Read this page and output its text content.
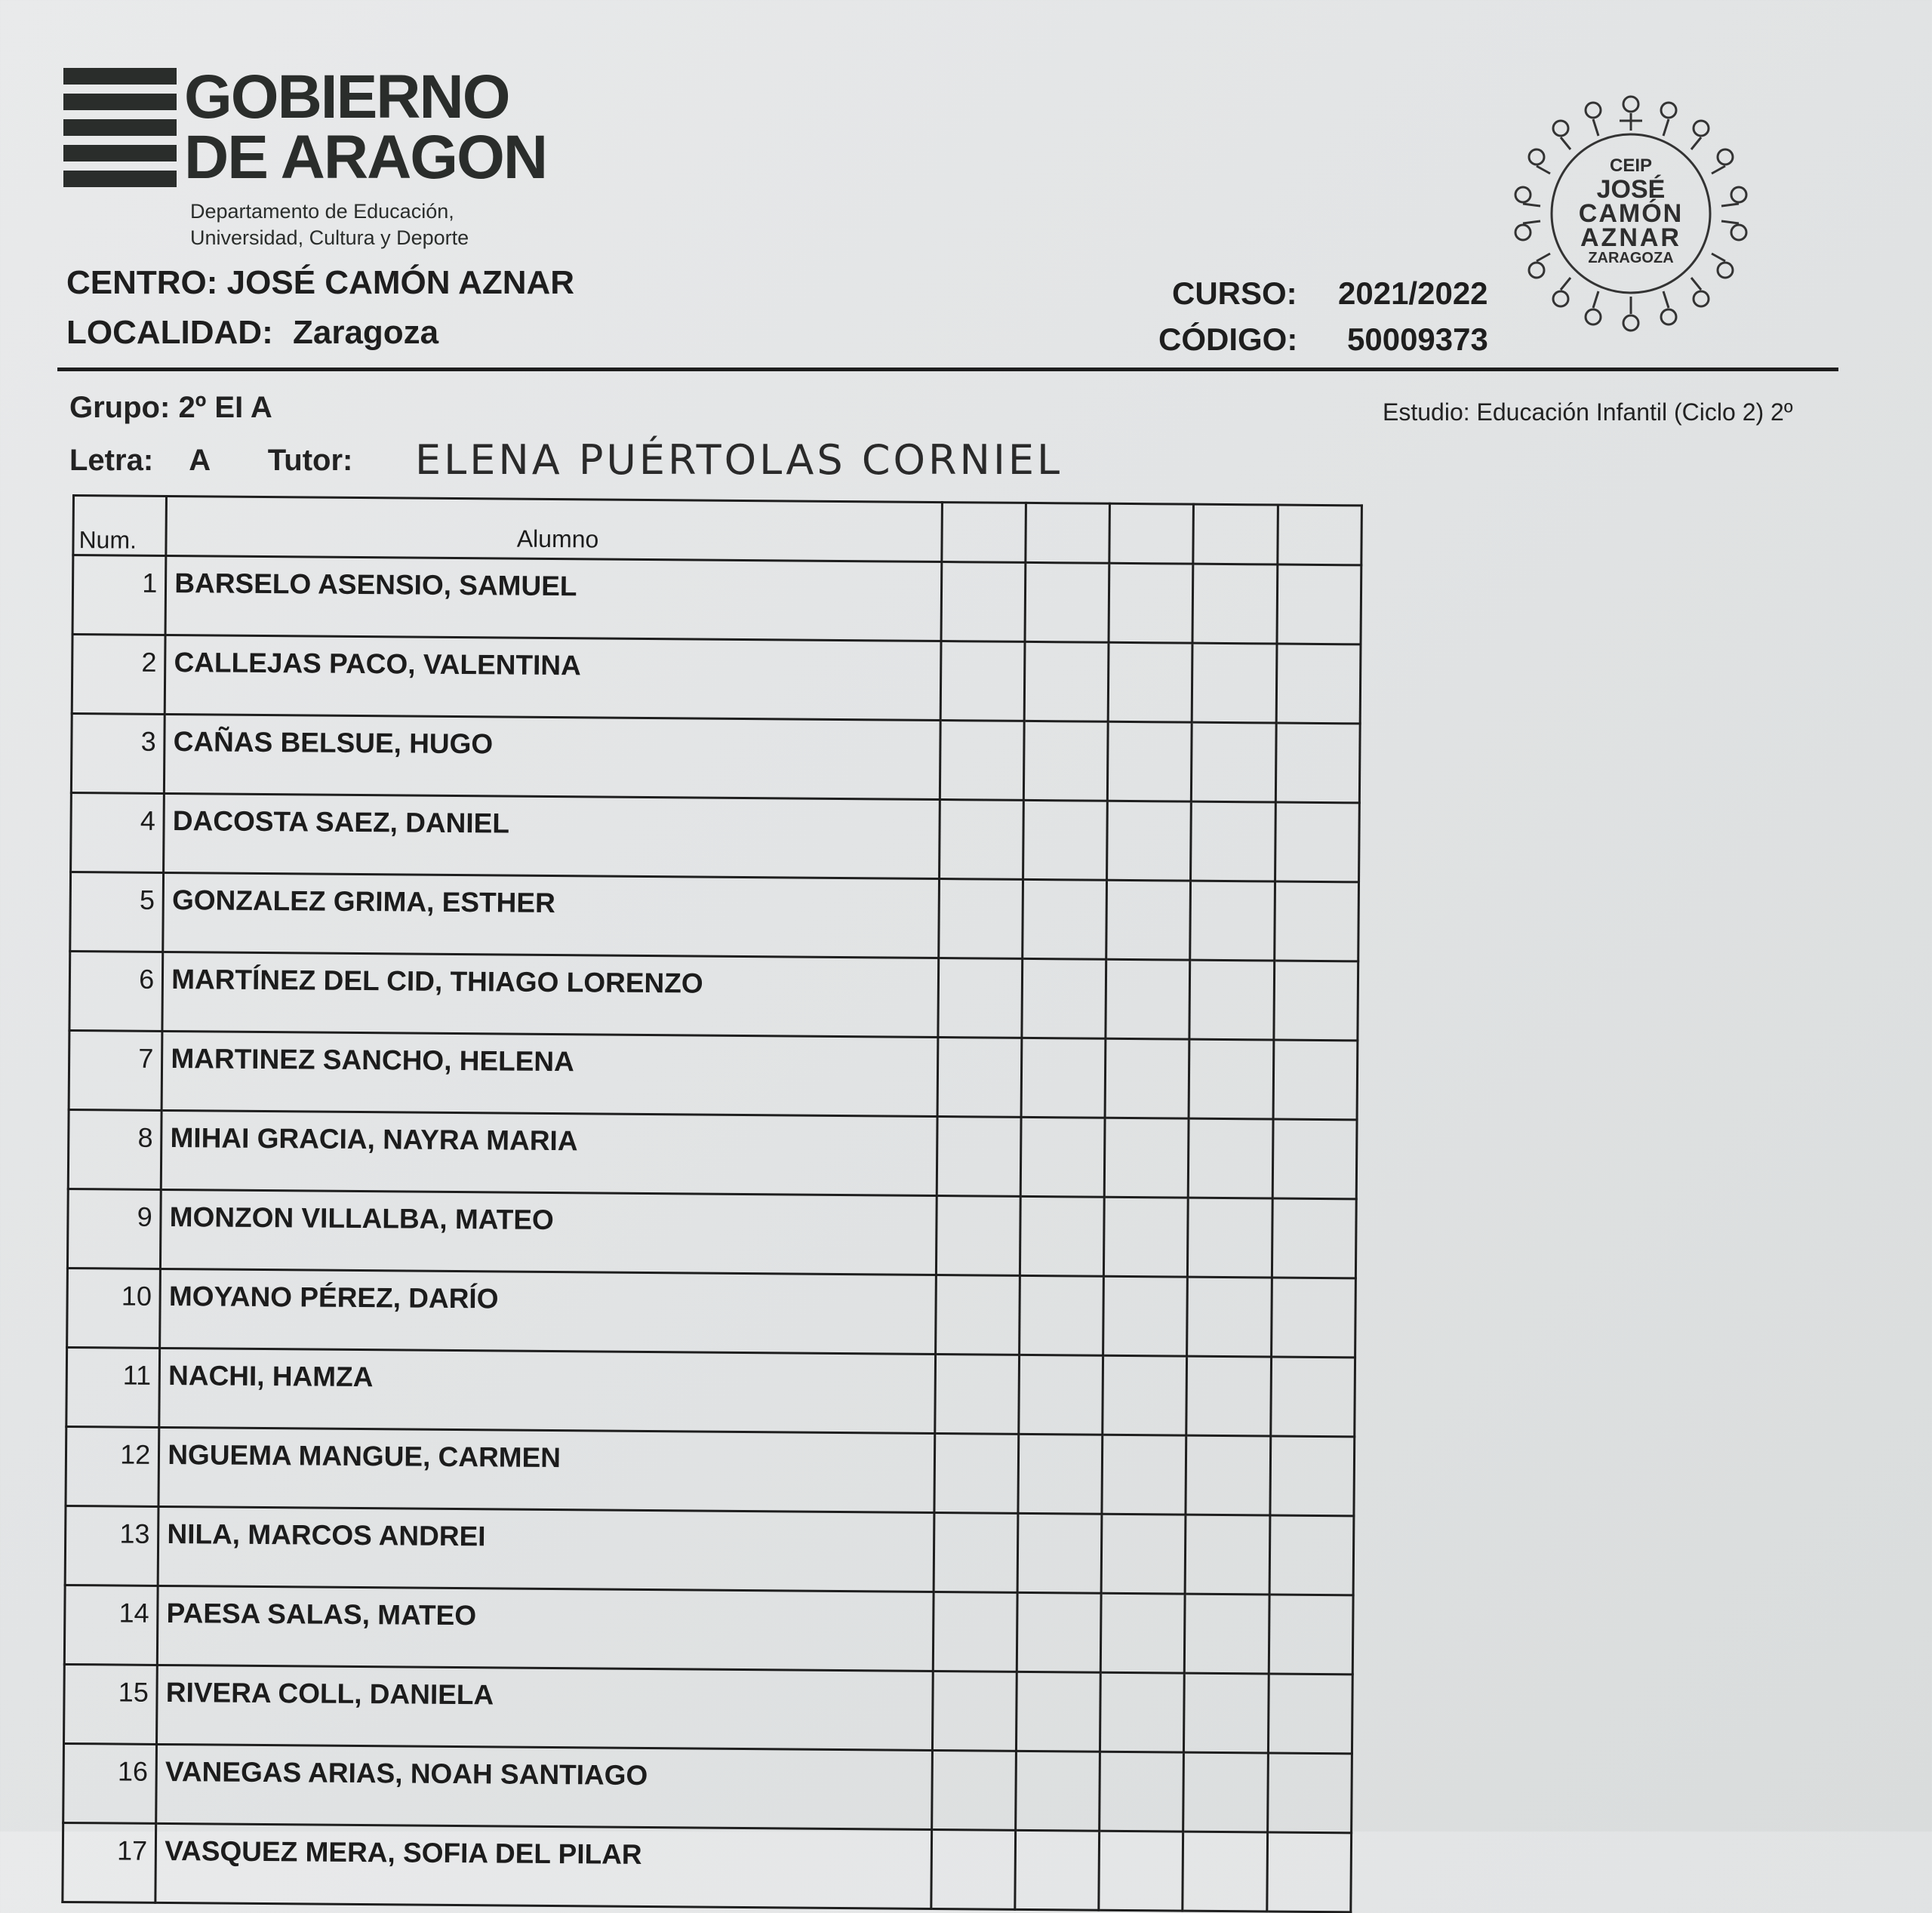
GOBIERNO
DE ARAGON
Departamento de Educación,
Universidad, Cultura y Deporte
CENTRO: JOSÉ CAMÓN AZNAR
LOCALIDAD: Zaragoza
CURSO: 2021/2022
CÓDIGO: 50009373
CEIP
JOSÉ
CAMÓN
AZNAR
ZARAGOZA
Grupo: 2º EI A	Estudio: Educación Infantil (Ciclo 2) 2º
Letra: A Tutor: ELENA PUÉRTOLAS CORNIEL
Num.	Alumno					
1	BARSELO ASENSIO, SAMUEL					
2	CALLEJAS PACO, VALENTINA					
3	CAÑAS BELSUE, HUGO					
4	DACOSTA SAEZ, DANIEL					
5	GONZALEZ GRIMA, ESTHER					
6	MARTÍNEZ DEL CID, THIAGO LORENZO					
7	MARTINEZ SANCHO, HELENA					
8	MIHAI GRACIA, NAYRA MARIA					
9	MONZON VILLALBA, MATEO					
10	MOYANO PÉREZ, DARÍO					
11	NACHI, HAMZA					
12	NGUEMA MANGUE, CARMEN					
13	NILA, MARCOS ANDREI					
14	PAESA SALAS, MATEO					
15	RIVERA COLL, DANIELA					
16	VANEGAS ARIAS, NOAH SANTIAGO					
17	VASQUEZ MERA, SOFIA DEL PILAR					
